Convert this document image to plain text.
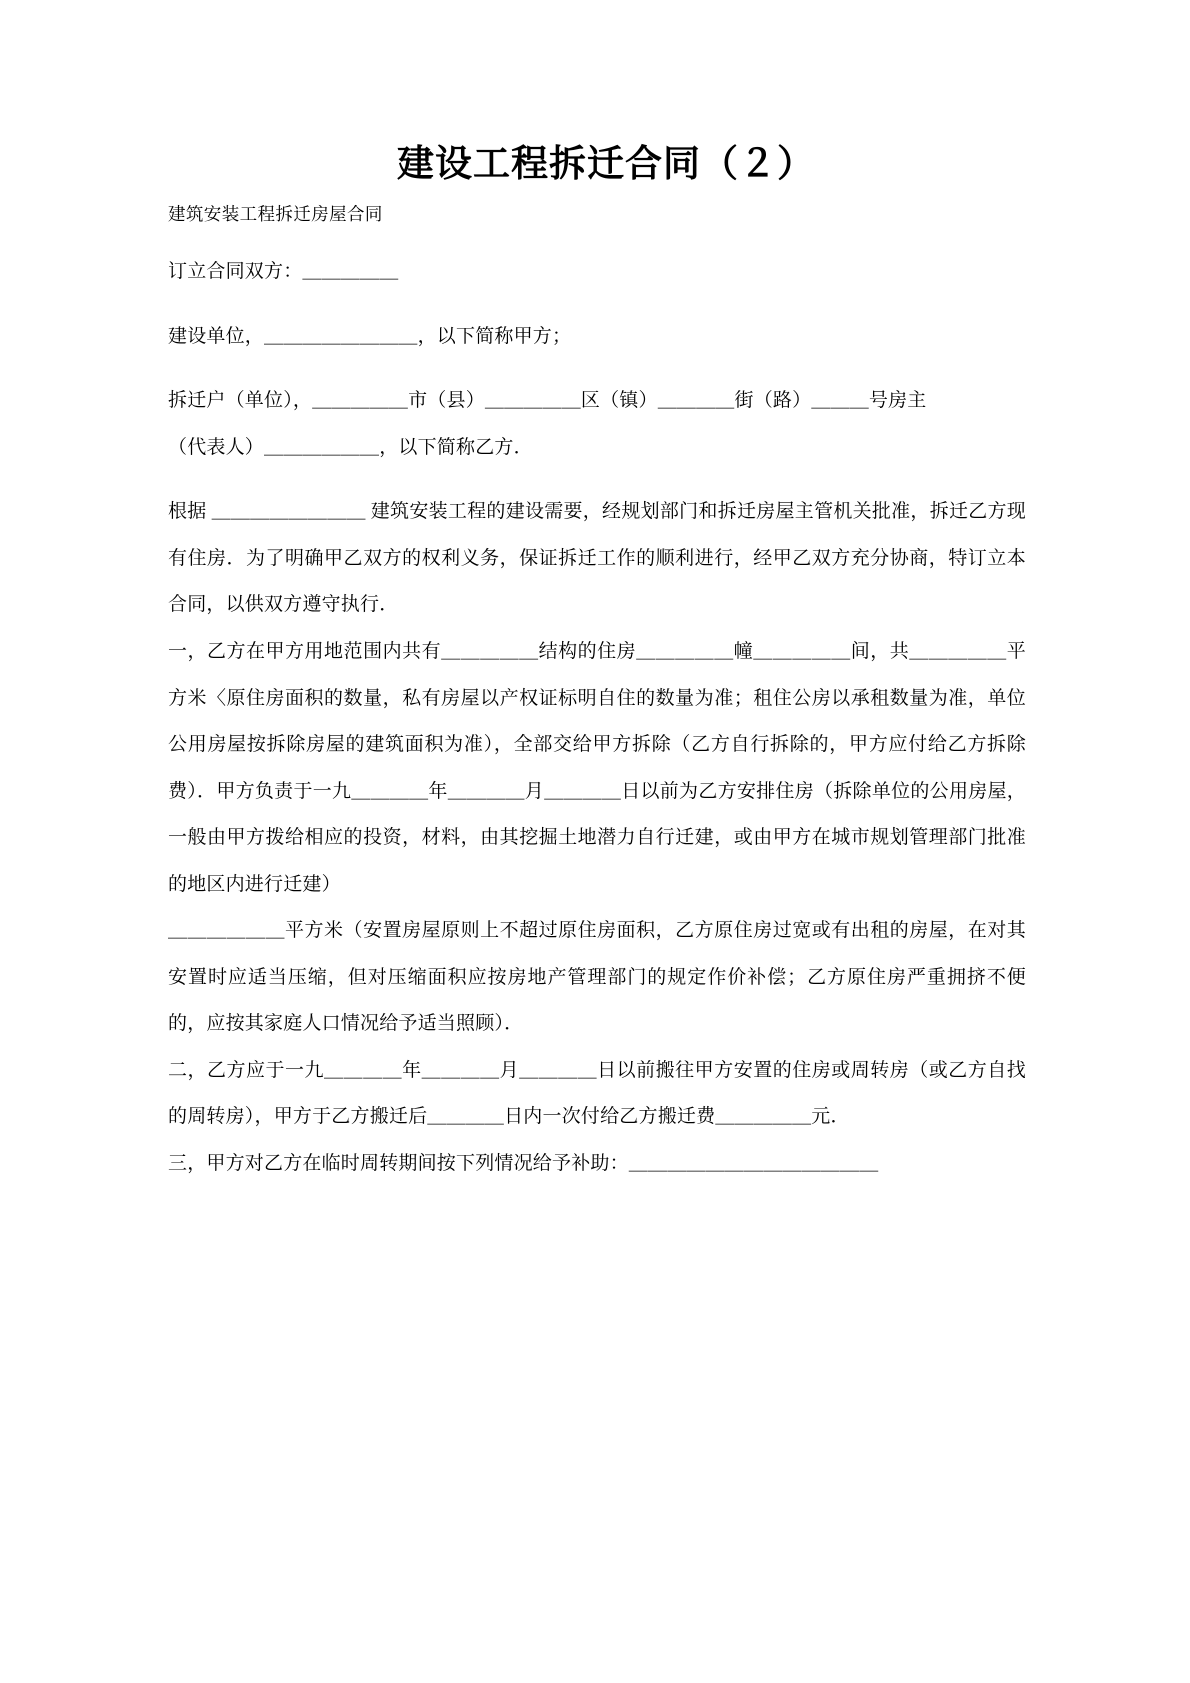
建设工程拆迁合同（２）
建筑安装工程拆迁房屋合同

订立合同双方：＿＿＿＿＿

建设单位，＿＿＿＿＿＿＿＿，以下简称甲方；

拆迁户（单位），＿＿＿＿＿市（县）＿＿＿＿＿区（镇）＿＿＿＿街（路）＿＿＿号房主

（代表人）＿＿＿＿＿＿，以下简称乙方．

根据 ＿＿＿＿＿＿＿＿ 建筑安装工程的建设需要，经规划部门和拆迁房屋主管机关批准，拆迁乙方现有住房．为了明确甲乙双方的权利义务，保证拆迁工作的顺利进行，经甲乙双方充分协商，特订立本合同，以供双方遵守执行．

一，乙方在甲方用地范围内共有＿＿＿＿＿结构的住房＿＿＿＿＿幢＿＿＿＿＿间，共＿＿＿＿＿平方米〈原住房面积的数量，私有房屋以产权证标明自住的数量为准；租住公房以承租数量为准，单位公用房屋按拆除房屋的建筑面积为准），全部交给甲方拆除（乙方自行拆除的，甲方应付给乙方拆除费）．甲方负责于一九＿＿＿＿年＿＿＿＿月＿＿＿＿日以前为乙方安排住房（拆除单位的公用房屋，一般由甲方拨给相应的投资，材料，由其挖掘土地潜力自行迁建，或由甲方在城市规划管理部门批准的地区内进行迁建）

＿＿＿＿＿＿平方米（安置房屋原则上不超过原住房面积，乙方原住房过宽或有出租的房屋，在对其安置时应适当压缩，但对压缩面积应按房地产管理部门的规定作价补偿；乙方原住房严重拥挤不便的，应按其家庭人口情况给予适当照顾）．

二，乙方应于一九＿＿＿＿年＿＿＿＿月＿＿＿＿日以前搬往甲方安置的住房或周转房（或乙方自找的周转房），甲方于乙方搬迁后＿＿＿＿日内一次付给乙方搬迁费＿＿＿＿＿元．

三，甲方对乙方在临时周转期间按下列情况给予补助：＿＿＿＿＿＿＿＿＿＿＿＿＿
